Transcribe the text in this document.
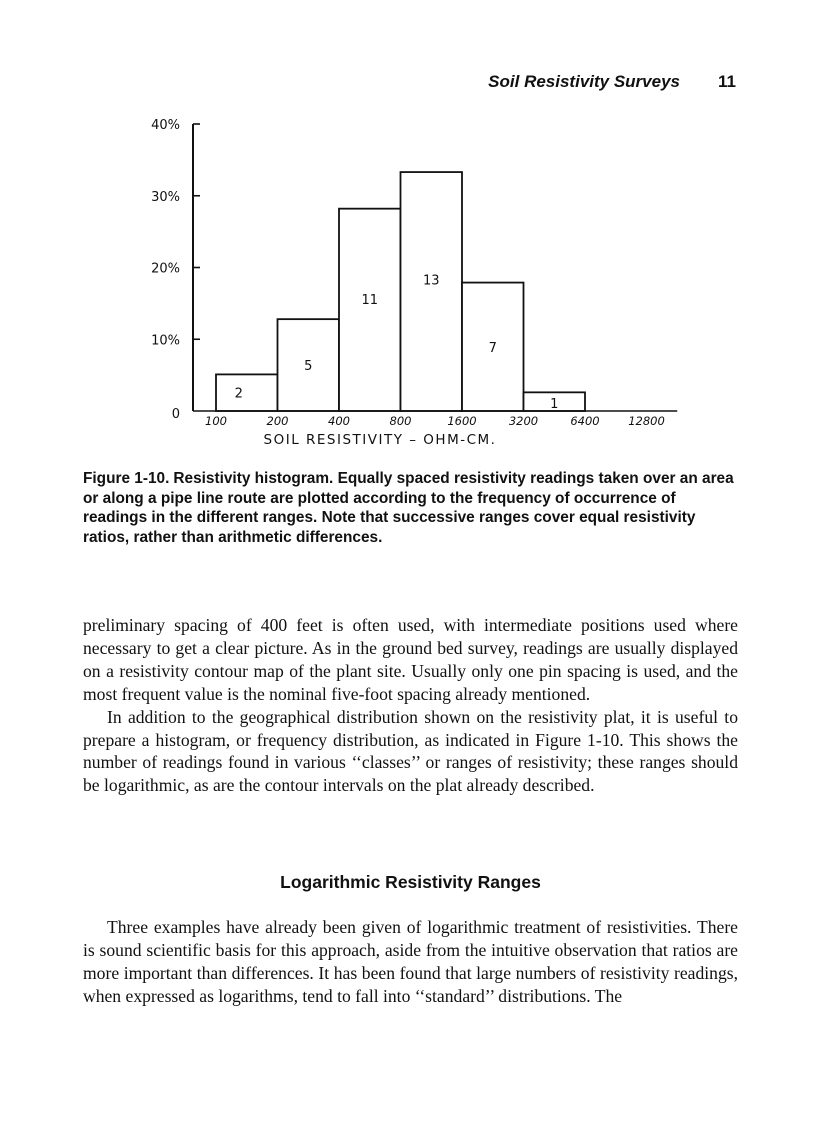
Soil Resistivity Surveys 11
2
5
11
13
7
1
0
10%
20%
30%
40%
100	200	400	800	1600	3200	6400 12800
SOIL RESISTIVITY – OHM-CM.
Figure 1-10. Resistivity histogram. Equally spaced resistivity readings taken over an area or along a pipe line route are plotted according to the frequency of occurrence of readings in the different ranges. Note that successive ranges cover equal resistivity ratios, rather than arithmetic differences.

preliminary spacing of 400 feet is often used, with intermediate positions used where necessary to get a clear picture. As in the ground bed survey, readings are usually displayed on a resistivity contour map of the plant site. Usually only one pin spacing is used, and the most frequent value is the nominal five-foot spacing already mentioned.

In addition to the geographical distribution shown on the resistivity plat, it is useful to prepare a histogram, or frequency distribution, as indicated in Figure 1-10. This shows the number of readings found in various ‘‘classes’’ or ranges of resistivity; these ranges should be logarithmic, as are the contour intervals on the plat already described.

Logarithmic Resistivity Ranges

Three examples have already been given of logarithmic treatment of resistivities. There is sound scientific basis for this approach, aside from the intuitive observation that ratios are more important than differences. It has been found that large numbers of resistivity readings, when expressed as logarithms, tend to fall into ‘‘standard’’ distributions. The
